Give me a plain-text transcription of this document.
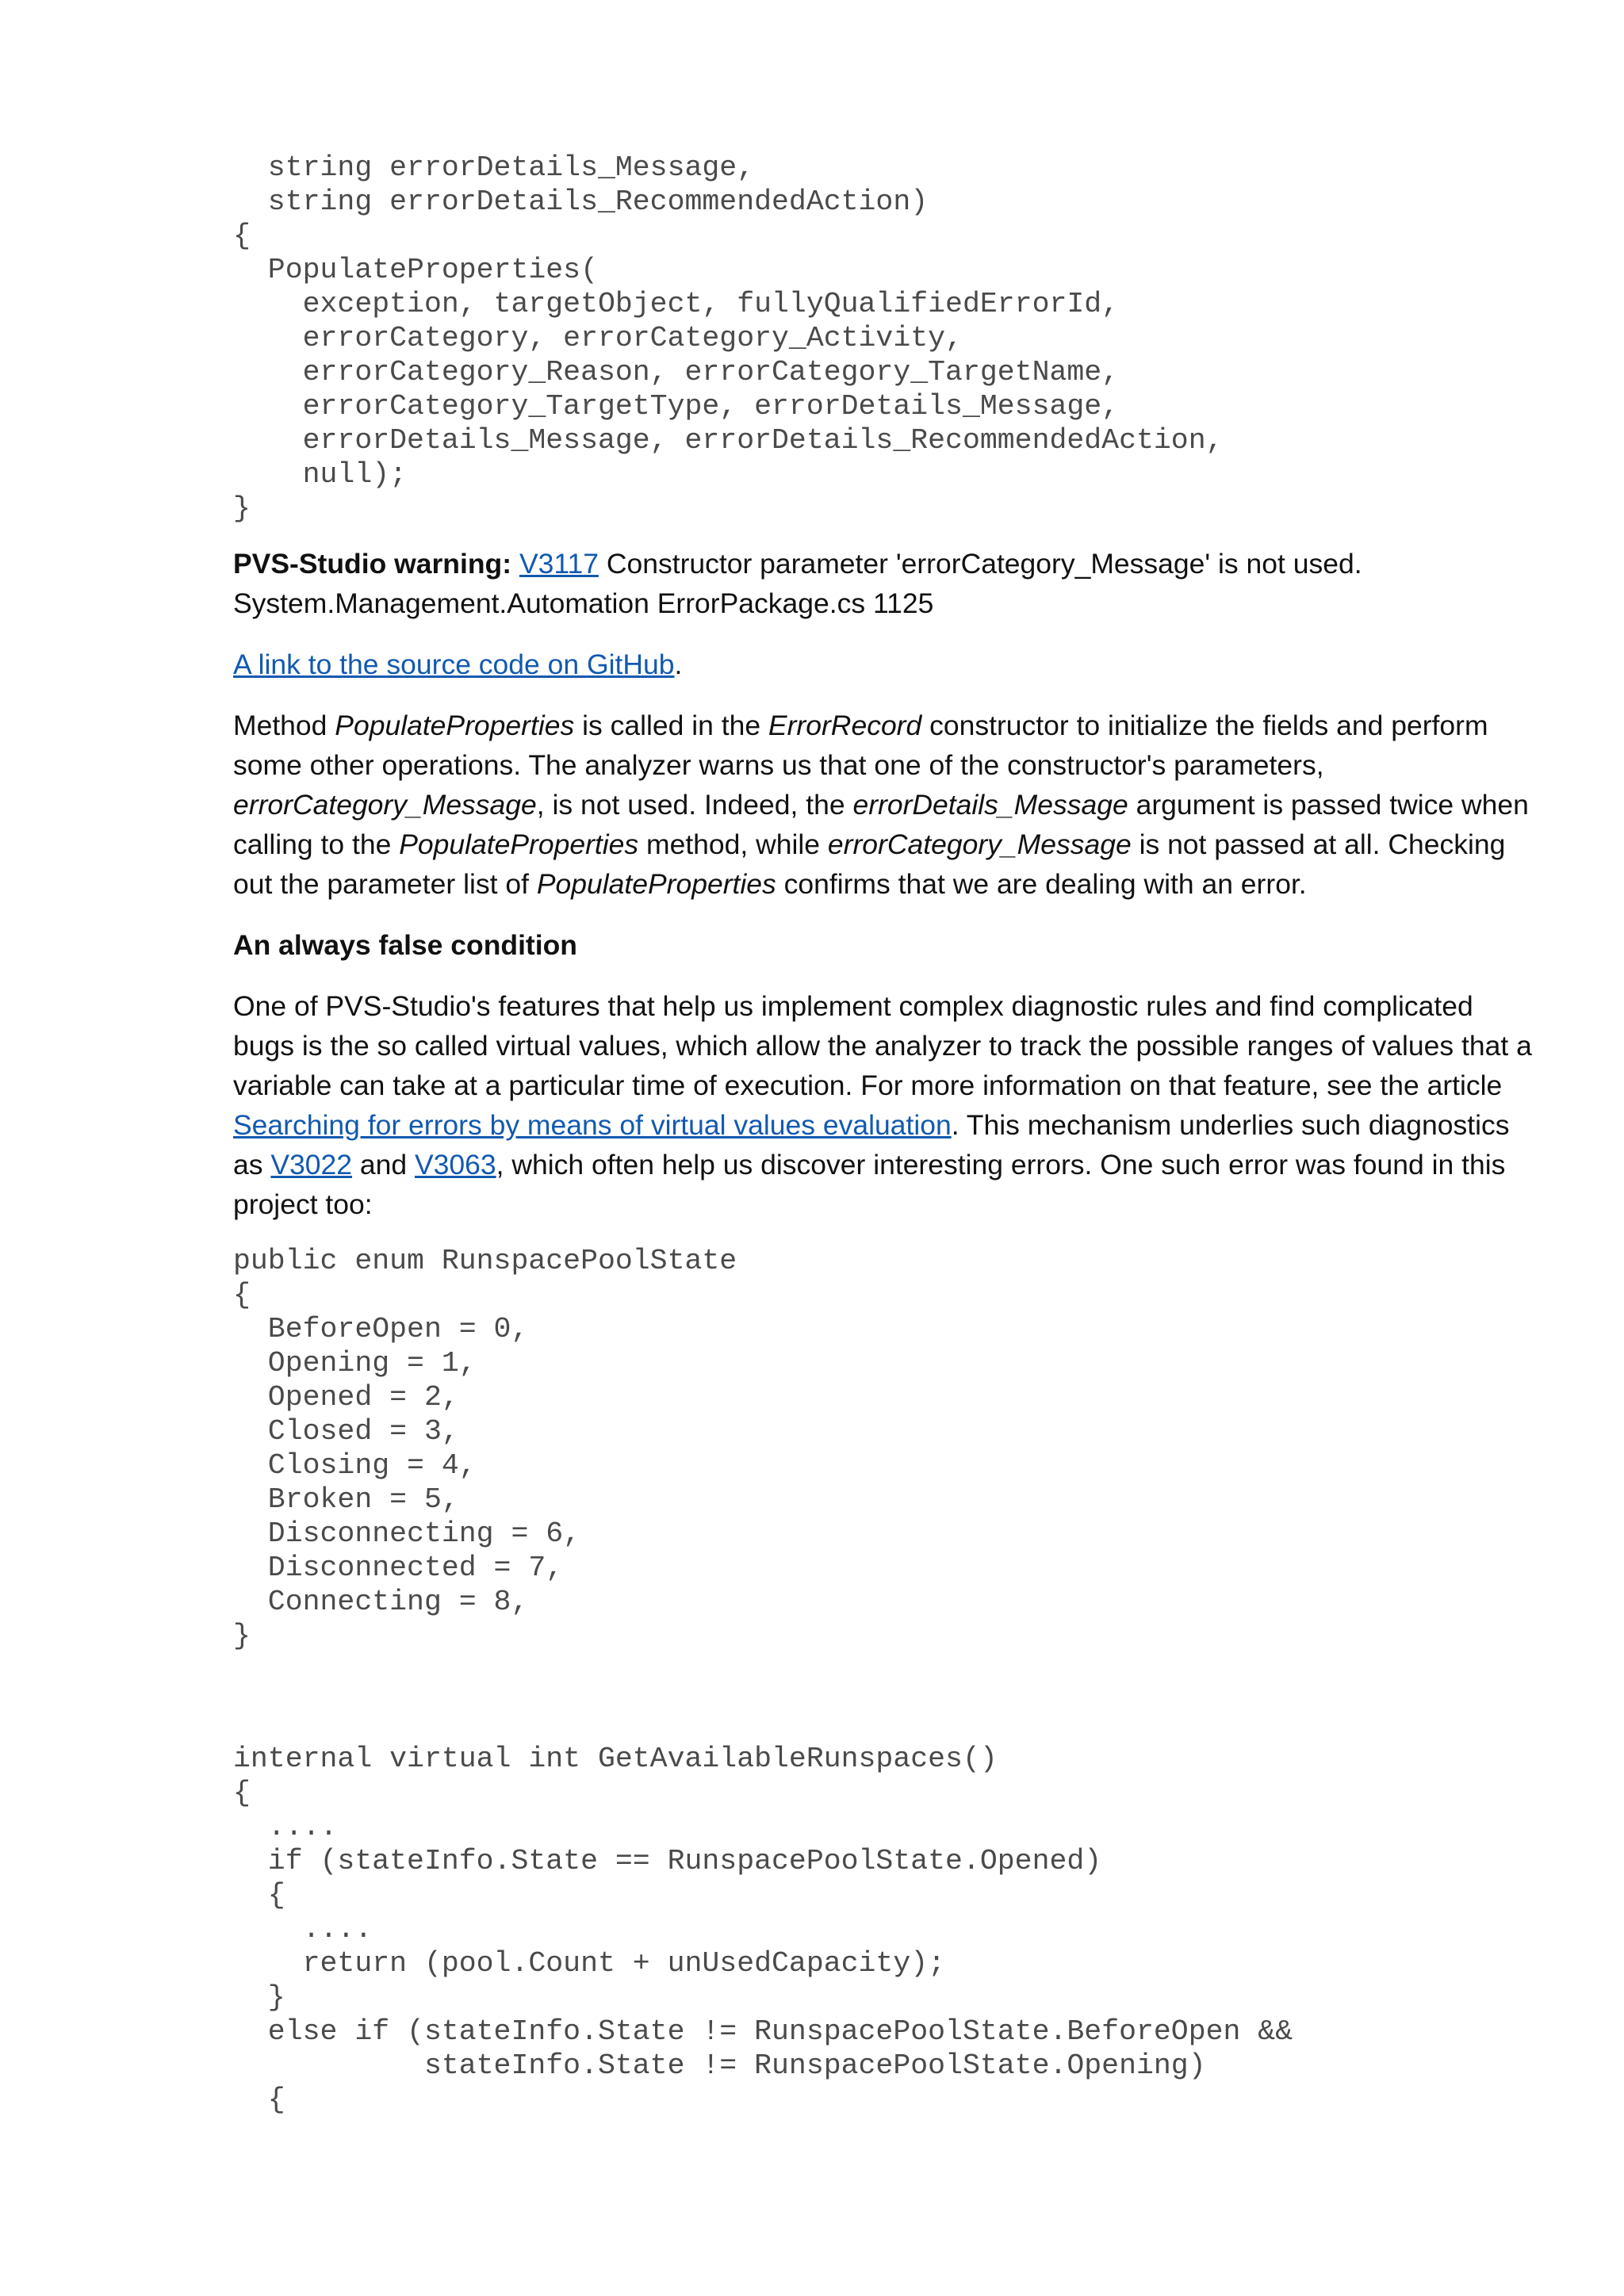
string errorDetails_Message,
string errorDetails_RecommendedAction)
{
PopulateProperties(
exception, targetObject, fullyQualifiedErrorId,
errorCategory, errorCategory_Activity,
errorCategory_Reason, errorCategory_TargetName,
errorCategory_TargetType, errorDetails_Message,
errorDetails_Message, errorDetails_RecommendedAction,
null);
}

PVS-Studio warning: V3117 Constructor parameter 'errorCategory_Message' is not used.
System.Management.Automation ErrorPackage.cs 1125

A link to the source code on GitHub.

Method PopulateProperties is called in the ErrorRecord constructor to initialize the fields and perform some other operations. The analyzer warns us that one of the constructor's parameters, errorCategory_Message, is not used. Indeed, the errorDetails_Message argument is passed twice when calling to the PopulateProperties method, while errorCategory_Message is not passed at all. Checking out the parameter list of PopulateProperties confirms that we are dealing with an error.

An always false condition

One of PVS-Studio's features that help us implement complex diagnostic rules and find complicated bugs is the so called virtual values, which allow the analyzer to track the possible ranges of values that a variable can take at a particular time of execution. For more information on that feature, see the article Searching for errors by means of virtual values evaluation. This mechanism underlies such diagnostics as V3022 and V3063, which often help us discover interesting errors. One such error was found in this project too:

public enum RunspacePoolState
{
BeforeOpen = 0,
Opening = 1,
Opened = 2,
Closed = 3,
Closing = 4,
Broken = 5,
Disconnecting = 6,
Disconnected = 7,
Connecting = 8,
}
internal virtual int GetAvailableRunspaces()
{
....
if (stateInfo.State == RunspacePoolState.Opened)
{
....
return (pool.Count + unUsedCapacity);
}
else if (stateInfo.State != RunspacePoolState.BeforeOpen &&
stateInfo.State != RunspacePoolState.Opening)
{
